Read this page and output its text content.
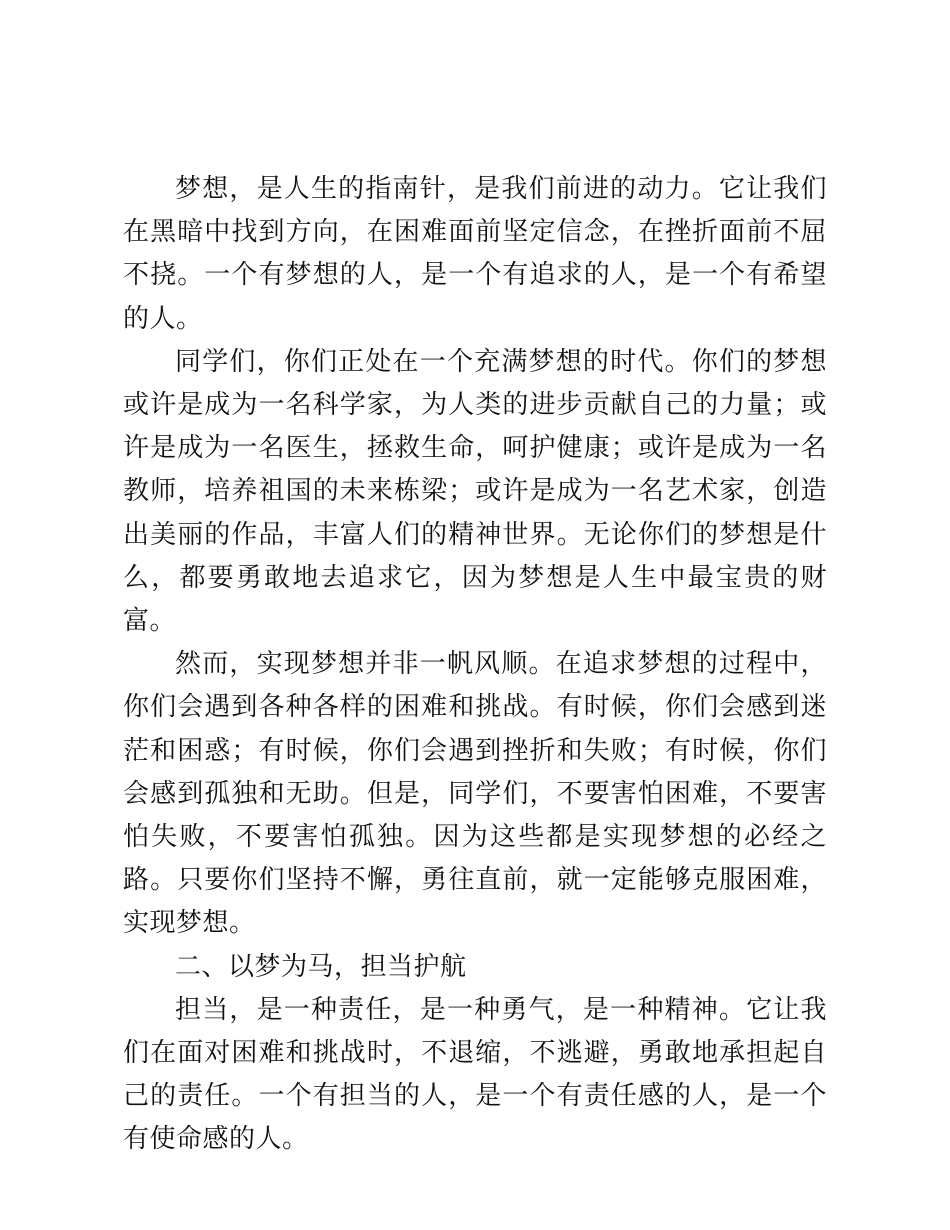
梦想，是人生的指南针，是我们前进的动力。它让我们在黑暗中找到方向，在困难面前坚定信念，在挫折面前不屈不挠。一个有梦想的人，是一个有追求的人，是一个有希望的人。

同学们，你们正处在一个充满梦想的时代。你们的梦想或许是成为一名科学家，为人类的进步贡献自己的力量；或许是成为一名医生，拯救生命，呵护健康；或许是成为一名教师，培养祖国的未来栋梁；或许是成为一名艺术家，创造出美丽的作品，丰富人们的精神世界。无论你们的梦想是什么，都要勇敢地去追求它，因为梦想是人生中最宝贵的财富。

然而，实现梦想并非一帆风顺。在追求梦想的过程中，你们会遇到各种各样的困难和挑战。有时候，你们会感到迷茫和困惑；有时候，你们会遇到挫折和失败；有时候，你们会感到孤独和无助。但是，同学们，不要害怕困难，不要害怕失败，不要害怕孤独。因为这些都是实现梦想的必经之路。只要你们坚持不懈，勇往直前，就一定能够克服困难，实现梦想。

二、以梦为马，担当护航

担当，是一种责任，是一种勇气，是一种精神。它让我们在面对困难和挑战时，不退缩，不逃避，勇敢地承担起自己的责任。一个有担当的人，是一个有责任感的人，是一个有使命感的人。
